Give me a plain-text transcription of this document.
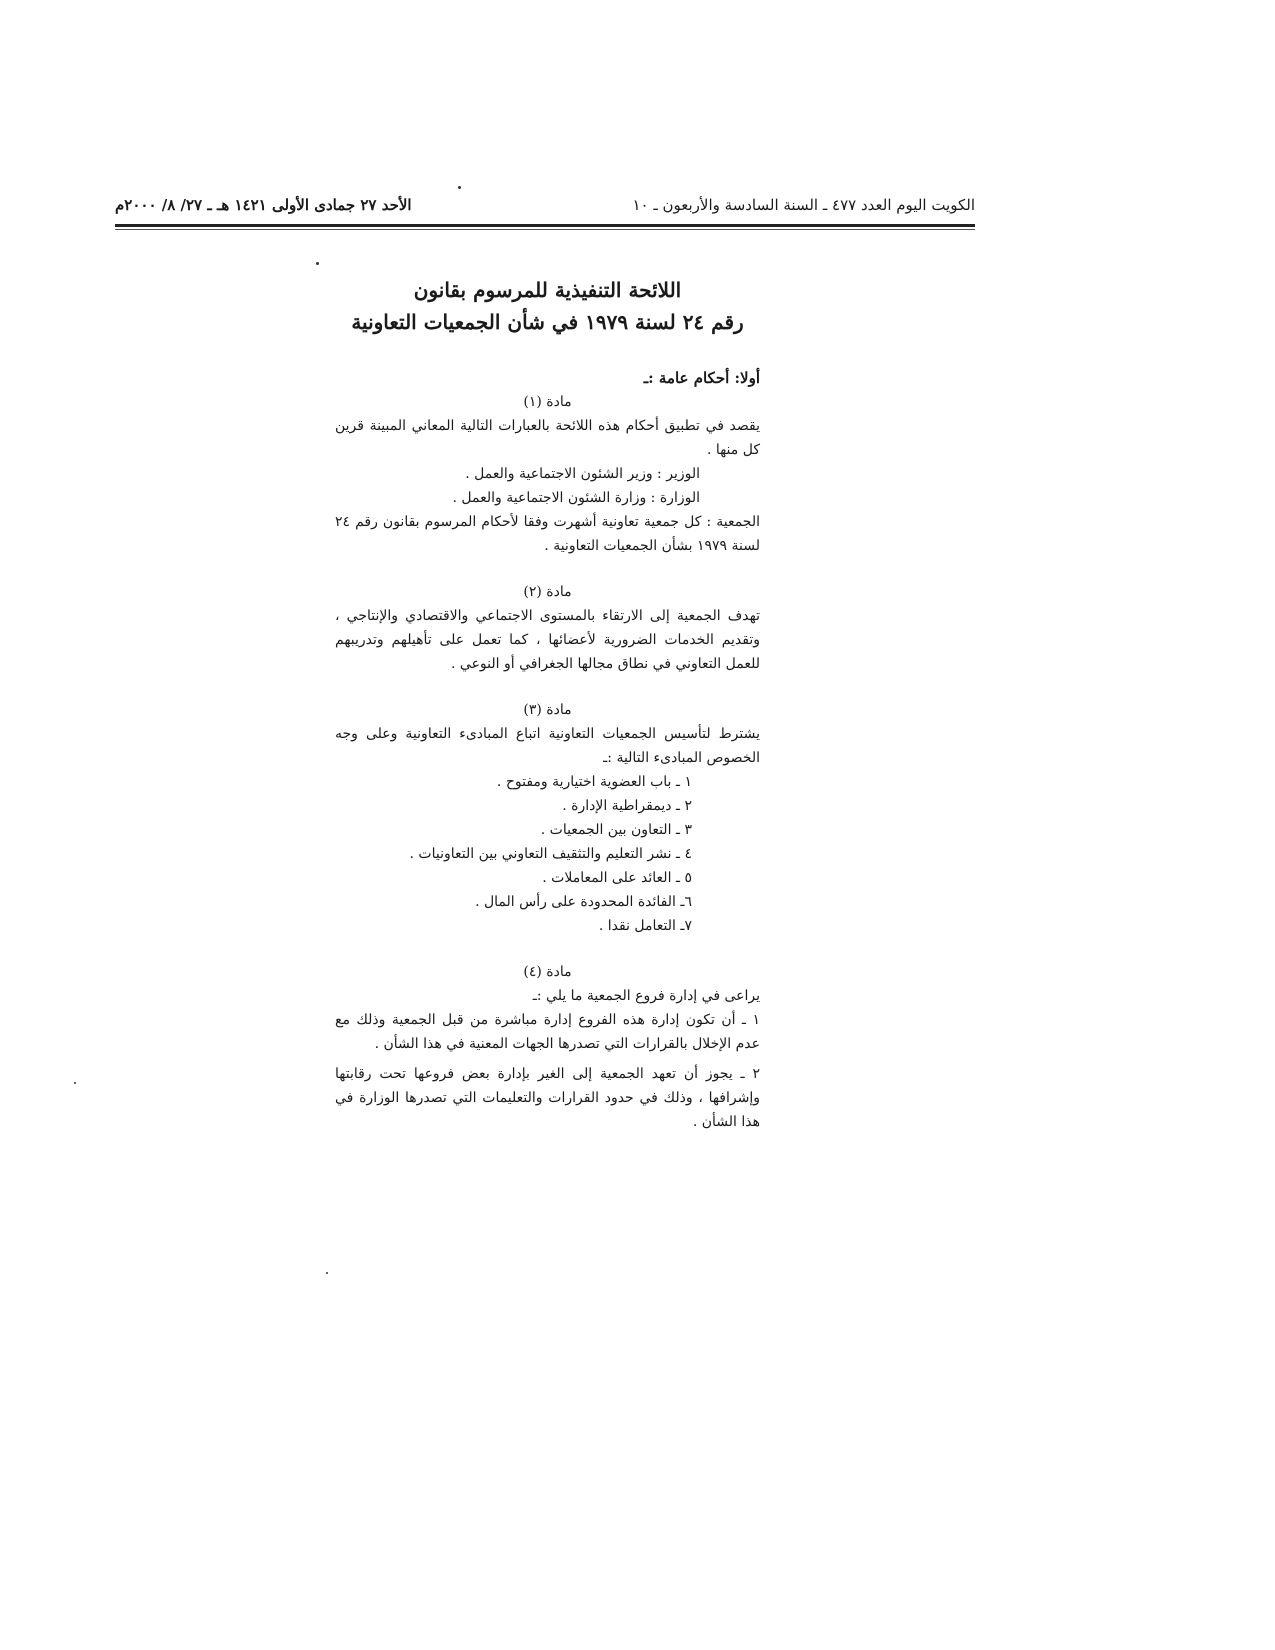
الكويت اليوم العدد ٤٧٧ ـ السنة السادسة والأربعون ـ ١٠
الأحد ٢٧ جمادى الأولى ١٤٢١ هـ ـ ٢٧/ ٨/ ٢٠٠٠م

اللائحة التنفيذية للمرسوم بقانون

رقم ٢٤ لسنة ١٩٧٩ في شأن الجمعيات التعاونية

أولا: أحكام عامة :ـ
مادة (١)

يقصد في تطبيق أحكام هذه اللائحة بالعبارات التالية المعاني المبينة قرين كل منها .

الوزير : وزير الشئون الاجتماعية والعمل .

الوزارة : وزارة الشئون الاجتماعية والعمل .

الجمعية : كل جمعية تعاونية أشهرت وفقا لأحكام المرسوم بقانون رقم ٢٤ لسنة ١٩٧٩ بشأن الجمعيات التعاونية .

مادة (٢)

تهدف الجمعية إلى الارتقاء بالمستوى الاجتماعي والاقتصادي والإنتاجي ، وتقديم الخدمات الضرورية لأعضائها ، كما تعمل على تأهيلهم وتدريبهم للعمل التعاوني في نطاق مجالها الجغرافي أو النوعي .

مادة (٣)

يشترط لتأسيس الجمعيات التعاونية اتباع المبادىء التعاونية وعلى وجه الخصوص المبادىء التالية :ـ

١ ـ باب العضوية اختيارية ومفتوح .

٢ ـ ديمقراطية الإدارة .

٣ ـ التعاون بين الجمعيات .

٤ ـ نشر التعليم والتثقيف التعاوني بين التعاونيات .

٥ ـ العائد على المعاملات .

٦ـ الفائدة المحدودة على رأس المال .

٧ـ التعامل نقدا .

مادة (٤)

يراعى في إدارة فروع الجمعية ما يلي :ـ

١ ـ أن تكون إدارة هذه الفروع إدارة مباشرة من قبل الجمعية وذلك مع عدم الإخلال بالقرارات التي تصدرها الجهات المعنية في هذا الشأن .

٢ ـ يجوز أن تعهد الجمعية إلى الغير بإدارة بعض فروعها تحت رقابتها وإشرافها ، وذلك في حدود القرارات والتعليمات التي تصدرها الوزارة في هذا الشأن .
